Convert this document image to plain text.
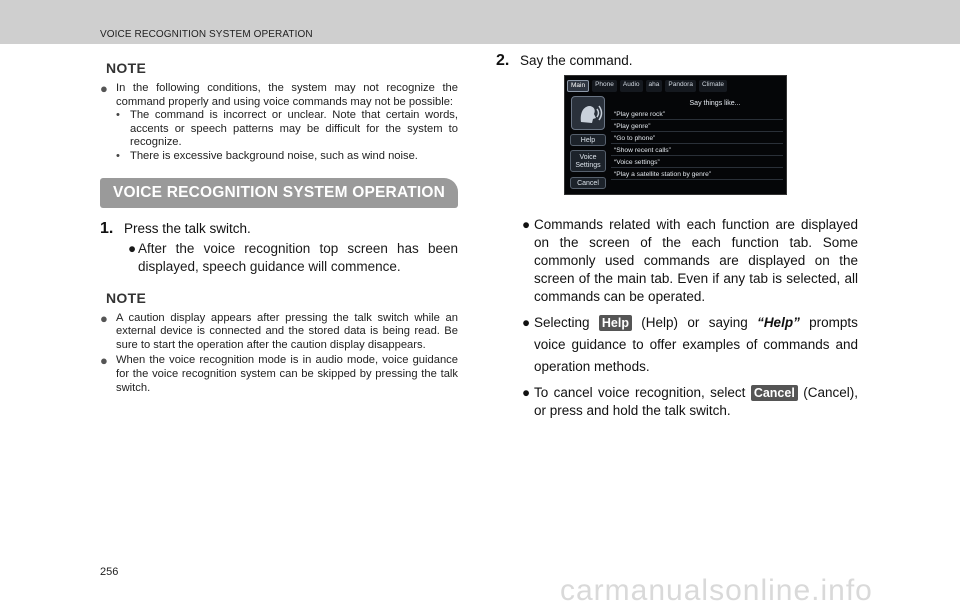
VOICE RECOGNITION SYSTEM OPERATION
NOTE
● In the following conditions, the system may not recognize the command properly and using voice commands may not be possible:
• The command is incorrect or unclear. Note that certain words, accents or speech patterns may be difficult for the system to recognize.
• There is excessive background noise, such as wind noise.
VOICE RECOGNITION SYSTEM OPERATION
1. Press the talk switch.
● After the voice recognition top screen has been displayed, speech guidance will commence.
NOTE
● A caution display appears after pressing the talk switch while an external device is connected and the stored data is being read. Be sure to start the operation after the caution display disappears.
● When the voice recognition mode is in audio mode, voice guidance for the voice recognition system can be skipped by pressing the talk switch.
2. Say the command.
● Commands related with each function are displayed on the screen of the each function tab. Some commonly used commands are displayed on the screen of the main tab. Even if any tab is selected, all commands can be operated.
● Selecting Help (Help) or saying “Help” prompts voice guidance to offer examples of commands and operation methods.
● To cancel voice recognition, select Cancel (Cancel), or press and hold the talk switch.
Main	Phone	Audio	aha	Pandora	Climate
Help
Voice Settings
Cancel
Say things like...
“Play genre rock”
“Play genre”
“Go to phone”
“Show recent calls”
“Voice settings”
“Play a satellite station by genre”
256
carmanualsonline.info
